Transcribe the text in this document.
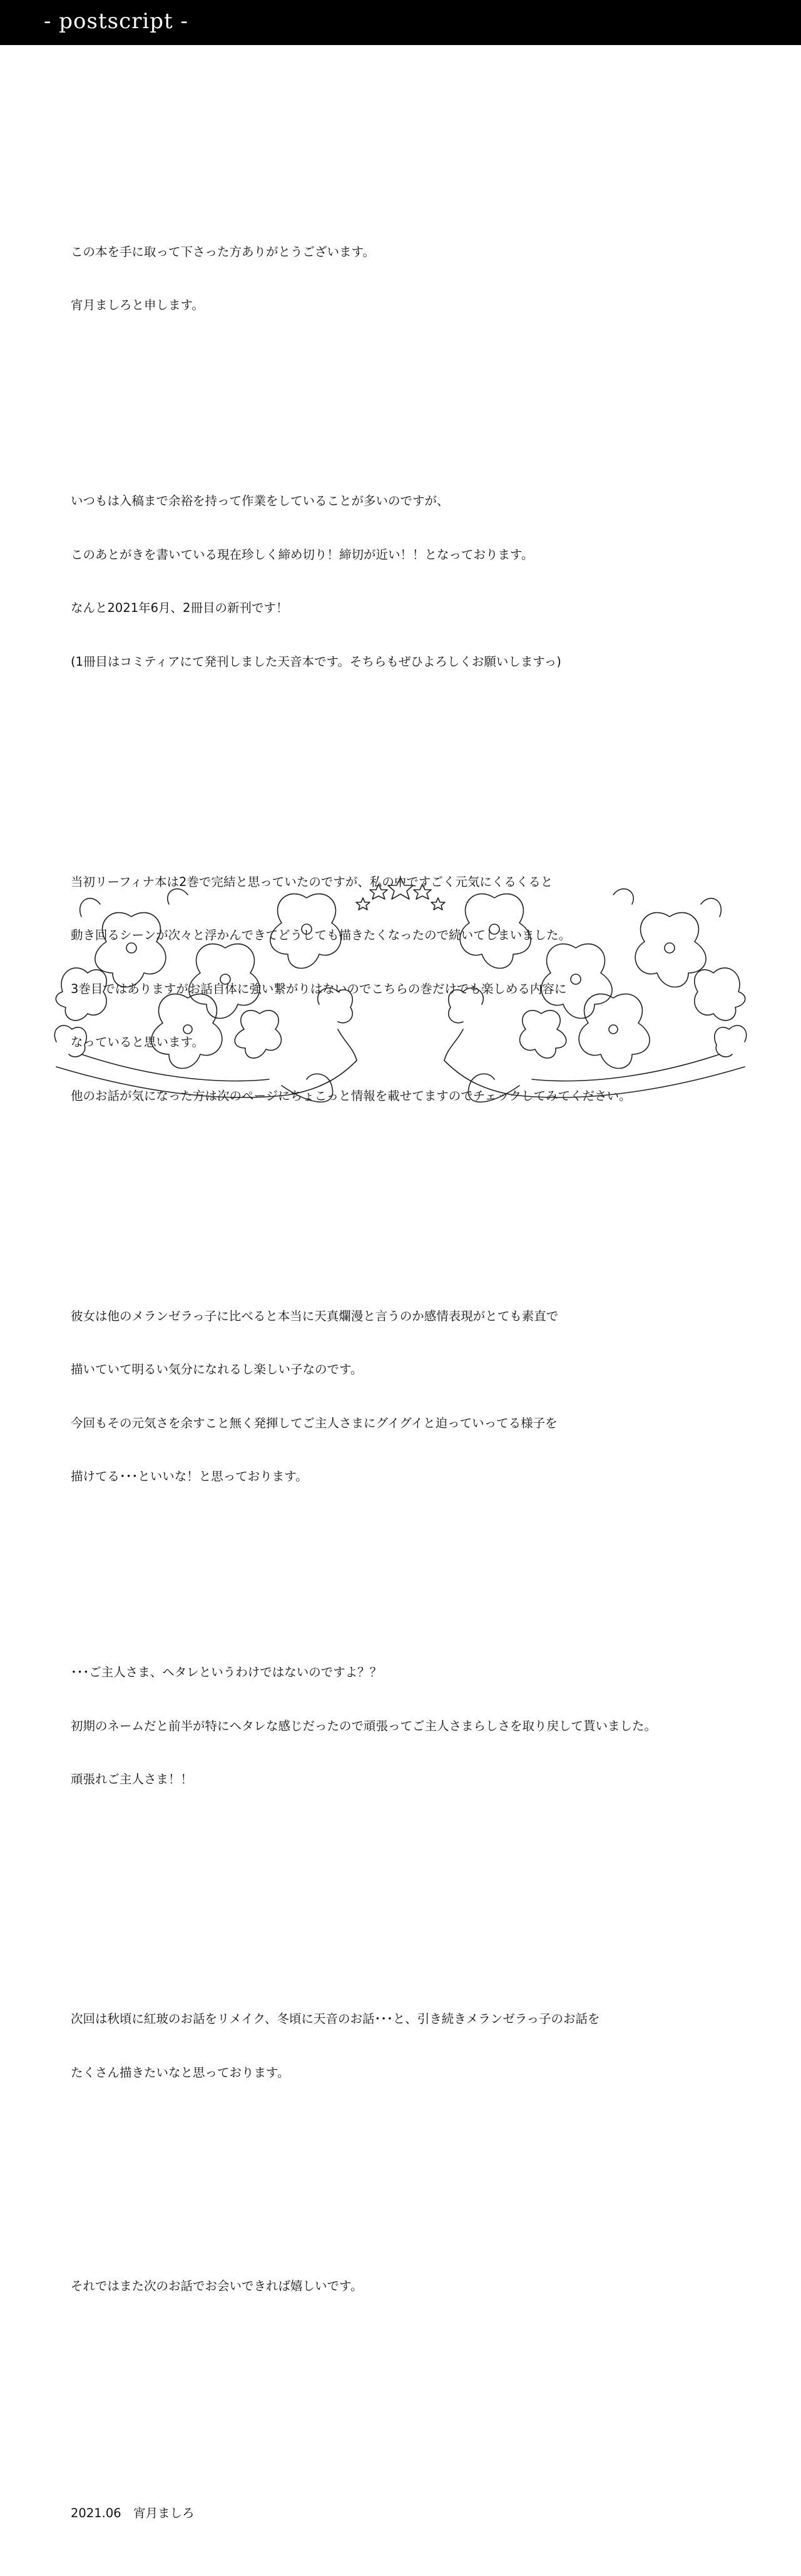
- postscript -

この本を手に取って下さった方ありがとうございます。

宵月ましろと申します。

いつもは入稿まで余裕を持って作業をしていることが多いのですが、

このあとがきを書いている現在珍しく締め切り！締切が近い！！となっております。

なんと2021年6月、2冊目の新刊です！

(1冊目はコミティアにて発刊しました天音本です。そちらもぜひよろしくお願いしますっ)

当初リーフィナ本は2巻で完結と思っていたのですが、私の中ですごく元気にくるくると

動き回るシーンが次々と浮かんできてどうしても描きたくなったので続いてしまいました。

3巻目ではありますがお話自体に強い繋がりはないのでこちらの巻だけでも楽しめる内容に

なっていると思います。

他のお話が気になった方は次のページにちょこっと情報を載せてますのでチェックしてみてください。

彼女は他のメランゼラっ子に比べると本当に天真爛漫と言うのか感情表現がとても素直で

描いていて明るい気分になれるし楽しい子なのです。

今回もその元気さを余すこと無く発揮してご主人さまにグイグイと迫っていってる様子を

描けてる･･･といいな！と思っております。

･･･ご主人さま、ヘタレというわけではないのですよ？？

初期のネームだと前半が特にヘタレな感じだったので頑張ってご主人さまらしさを取り戻して貰いました。

頑張れご主人さま！！

次回は秋頃に紅玻のお話をリメイク、冬頃に天音のお話･･･と、引き続きメランゼラっ子のお話を

たくさん描きたいなと思っております。

それではまた次のお話でお会いできれば嬉しいです。

2021.06　宵月ましろ
